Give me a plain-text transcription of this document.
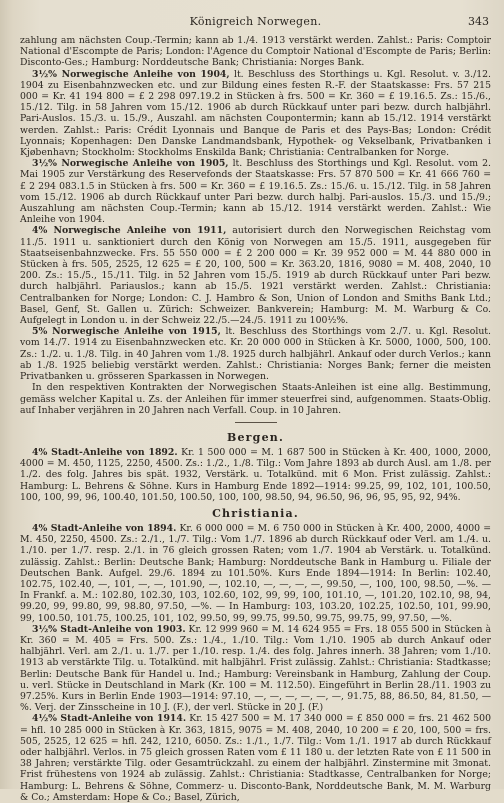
Königreich Norwegen.	343

zahlung am nächsten Coup.-Termin; kann ab 1./4. 1913 verstärkt werden. Zahlst.: Paris: Comptoir National d'Escompte de Paris; London: l'Agence du Comptoir National d'Escompte de Paris; Berlin: Disconto-Ges.; Hamburg: Norddeutsche Bank; Christiania: Norges Bank.

3½% Norwegische Anleihe von 1904, lt. Beschluss des Storthings u. Kgl. Resolut. v. 3./12. 1904 zu Eisenbahnzwecken etc. und zur Bildung eines festen R.-F. der Staatskasse: Frs. 57 215 000 = Kr. 41 194 800 = £ 2 298 097.19.2 in Stücken à frs. 500 = Kr. 360 = £ 19.16.5. Zs.: 15./6., 15./12. Tilg. in 58 Jahren vom 15./12. 1906 ab durch Rückkauf unter pari bezw. durch halbjährl. Pari-Auslos. 15./3. u. 15./9., Auszahl. am nächsten Coupontermin; kann ab 15./12. 1914 verstärkt werden. Zahlst.: Paris: Crédit Lyonnais und Banque de Paris et des Pays-Bas; London: Crédit Lyonnais; Kopenhagen: Den Danske Landmandsbank, Hypothek- og Vekselbank, Privatbanken i Kjøbenhavn; Stockholm: Stockholms Enskilda Bank; Christiania: Centralbanken for Norge.

3½% Norwegische Anleihe von 1905, lt. Beschluss des Storthings und Kgl. Resolut. vom 2. Mai 1905 zur Verstärkung des Reservefonds der Staatskasse: Frs. 57 870 500 = Kr. 41 666 760 = £ 2 294 083.1.5 in Stücken à frs. 500 = Kr. 360 = £ 19.16.5. Zs.: 15./6. u. 15./12. Tilg. in 58 Jahren vom 15./12. 1906 ab durch Rückkauf unter Pari bezw. durch halbj. Pari-auslos. 15./3. und 15./9.; Auszahlung am nächsten Coup.-Termin; kann ab 15./12. 1914 verstärkt werden. Zahlst.: Wie Anleihe von 1904.

4% Norwegische Anleihe von 1911, autorisiert durch den Norwegischen Reichstag vom 11./5. 1911 u. sanktioniert durch den König von Norwegen am 15./5. 1911, ausgegeben für Staatseisenbahnzwecke. Frs. 55 550 000 = £ 2 200 000 = Kr. 39 952 000 = M. 44 880 000 in Stücken à frs. 505, 2525, 12 625 = £ 20, 100, 500 = Kr. 363.20, 1816, 9080 = M. 408, 2040, 10 200. Zs.: 15./5., 15./11. Tilg. in 52 Jahren vom 15./5. 1919 ab durch Rückkauf unter Pari bezw. durch halbjährl. Pariauslos.; kann ab 15./5. 1921 verstärkt werden. Zahlst.: Christiania: Centralbanken for Norge; London: C. J. Hambro & Son, Union of London and Smiths Bank Ltd.; Basel, Genf, St. Gallen u. Zürich: Schweizer. Bankverein; Hamburg: M. M. Warburg & Co. Aufgelegt in London u. in der Schweiz 22./5.—24./5. 1911 zu 100½%.

5% Norwegische Anleihe von 1915, lt. Beschluss des Storthings vom 2./7. u. Kgl. Resolut. vom 14./7. 1914 zu Eisenbahnzwecken etc. Kr. 20 000 000 in Stücken à Kr. 5000, 1000, 500, 100. Zs.: 1./2. u. 1./8. Tilg. in 40 Jahren vom 1./8. 1925 durch halbjährl. Ankauf oder durch Verlos.; kann ab 1./8. 1925 beliebig verstärkt werden. Zahlst.: Christiania: Norges Bank; ferner die meisten Privatbanken u. grösseren Sparkassen in Norwegen.

In den respektiven Kontrakten der Norwegischen Staats-Anleihen ist eine allg. Bestimmung, gemäss welcher Kapital u. Zs. der Anleihen für immer steuerfrei sind, aufgenommen. Staats-Oblig. auf Inhaber verjähren in 20 Jahren nach Verfall. Coup. in 10 Jahren.

Bergen.

4% Stadt-Anleihe von 1892. Kr. 1 500 000 = M. 1 687 500 in Stücken à Kr. 400, 1000, 2000, 4000 = M. 450, 1125, 2250, 4500. Zs.: 1./2., 1./8. Tilg.: Vom Jahre 1893 ab durch Ausl. am 1./8. per 1./2. des folg. Jahres bis spät. 1932, Verstärk. u. Totalkünd. mit 6 Mon. Frist zulässig. Zahlst.: Hamburg: L. Behrens & Söhne. Kurs in Hamburg Ende 1892—1914: 99.25, 99, 102, 101, 100.50, 100, 100, 99, 96, 100.40, 101.50, 100.50, 100, 100, 98.50, 94, 96.50, 96, 96, 95, 95, 92, 94%.

Christiania.

4% Stadt-Anleihe von 1894. Kr. 6 000 000 = M. 6 750 000 in Stücken à Kr. 400, 2000, 4000 = M. 450, 2250, 4500. Zs.: 2./1., 1./7. Tilg.: Vom 1./7. 1896 ab durch Rückkauf oder Verl. am 1./4. u. 1./10. per 1./7. resp. 2./1. in 76 gleich grossen Raten; vom 1./7. 1904 ab Verstärk. u. Totalkünd. zulässig. Zahlst.: Berlin: Deutsche Bank; Hamburg: Norddeutsche Bank in Hamburg u. Filiale der Deutschen Bank. Aufgel. 29./6. 1894 zu 101.50%. Kurs Ende 1894—1914: In Berlin: 102.40, 102.75, 102.40, —, 101, —, —, 101.90, —, 102.10, —, —, —, —, 99.50, —, 100, 100, 98.50, —%. — In Frankf. a. M.: 102.80, 102.30, 103, 102.60, 102, 99, 99, 100, 101.10, —, 101.20, 102.10, 98, 94, 99.20, 99, 99.80, 99, 98.80, 97.50, —%. — In Hamburg: 103, 103.20, 102.25, 102.50, 101, 99.90, 99, 100.50, 101.75, 100.25, 101, 102, 99.50, 99, 99.75, 99.50, 99.75, 99.75, 99, 97.50, —%.

3½% Stadt-Anleihe von 1903. Kr. 12 999 960 = M. 14 624 955 = Frs. 18 055 500 in Stücken à Kr. 360 = M. 405 = Frs. 500. Zs.: 1./4., 1./10. Tilg.: Vom 1./10. 1905 ab durch Ankauf oder halbjährl. Verl. am 2./1. u. 1./7. per 1./10. resp. 1./4. des folg. Jahres innerh. 38 Jahren; vom 1./10. 1913 ab verstärkte Tilg. u. Totalkünd. mit halbjährl. Frist zulässig. Zahlst.: Christiania: Stadtkasse; Berlin: Deutsche Bank für Handel u. Ind.; Hamburg: Vereinsbank in Hamburg, Zahlung der Coup. u. verl. Stücke in Deutschland in Mark (Kr. 100 = M. 112.50). Eingeführt in Berlin 28./11. 1903 zu 97.25%. Kurs in Berlin Ende 1903—1914: 97.10, —, —, —, —, —, —, 91.75, 88, 86.50, 84, 81.50, —%. Verj. der Zinsscheine in 10 J. (F.), der verl. Stücke in 20 J. (F.)

4½% Stadt-Anleihe von 1914. Kr. 15 427 500 = M. 17 340 000 = £ 850 000 = frs. 21 462 500 = hfl. 10 285 000 in Stücken à Kr. 363, 1815, 9075 = M. 408, 2040, 10 200 = £ 20, 100, 500 = frs. 505, 2525, 12 625 = hfl. 242, 1210, 6050. Zs.: 1./1., 1./7. Tilg.: Vom 1./1. 1917 ab durch Rückkauf oder halbjährl. Verlos. in 75 gleich grossen Raten vom £ 11 180 u. der letzten Rate von £ 11 500 in 38 Jahren; verstärkte Tilg. oder Gesamtrückzahl. zu einem der halbjährl. Zinstermine mit 3monat. Frist frühestens von 1924 ab zulässig. Zahlst.: Christiania: Stadtkasse, Centralbanken for Norge; Hamburg: L. Behrens & Söhne, Commerz- u. Disconto-Bank, Norddeutsche Bank, M. M. Warburg & Co.; Amsterdam: Hope & Co.; Basel, Zürich,
